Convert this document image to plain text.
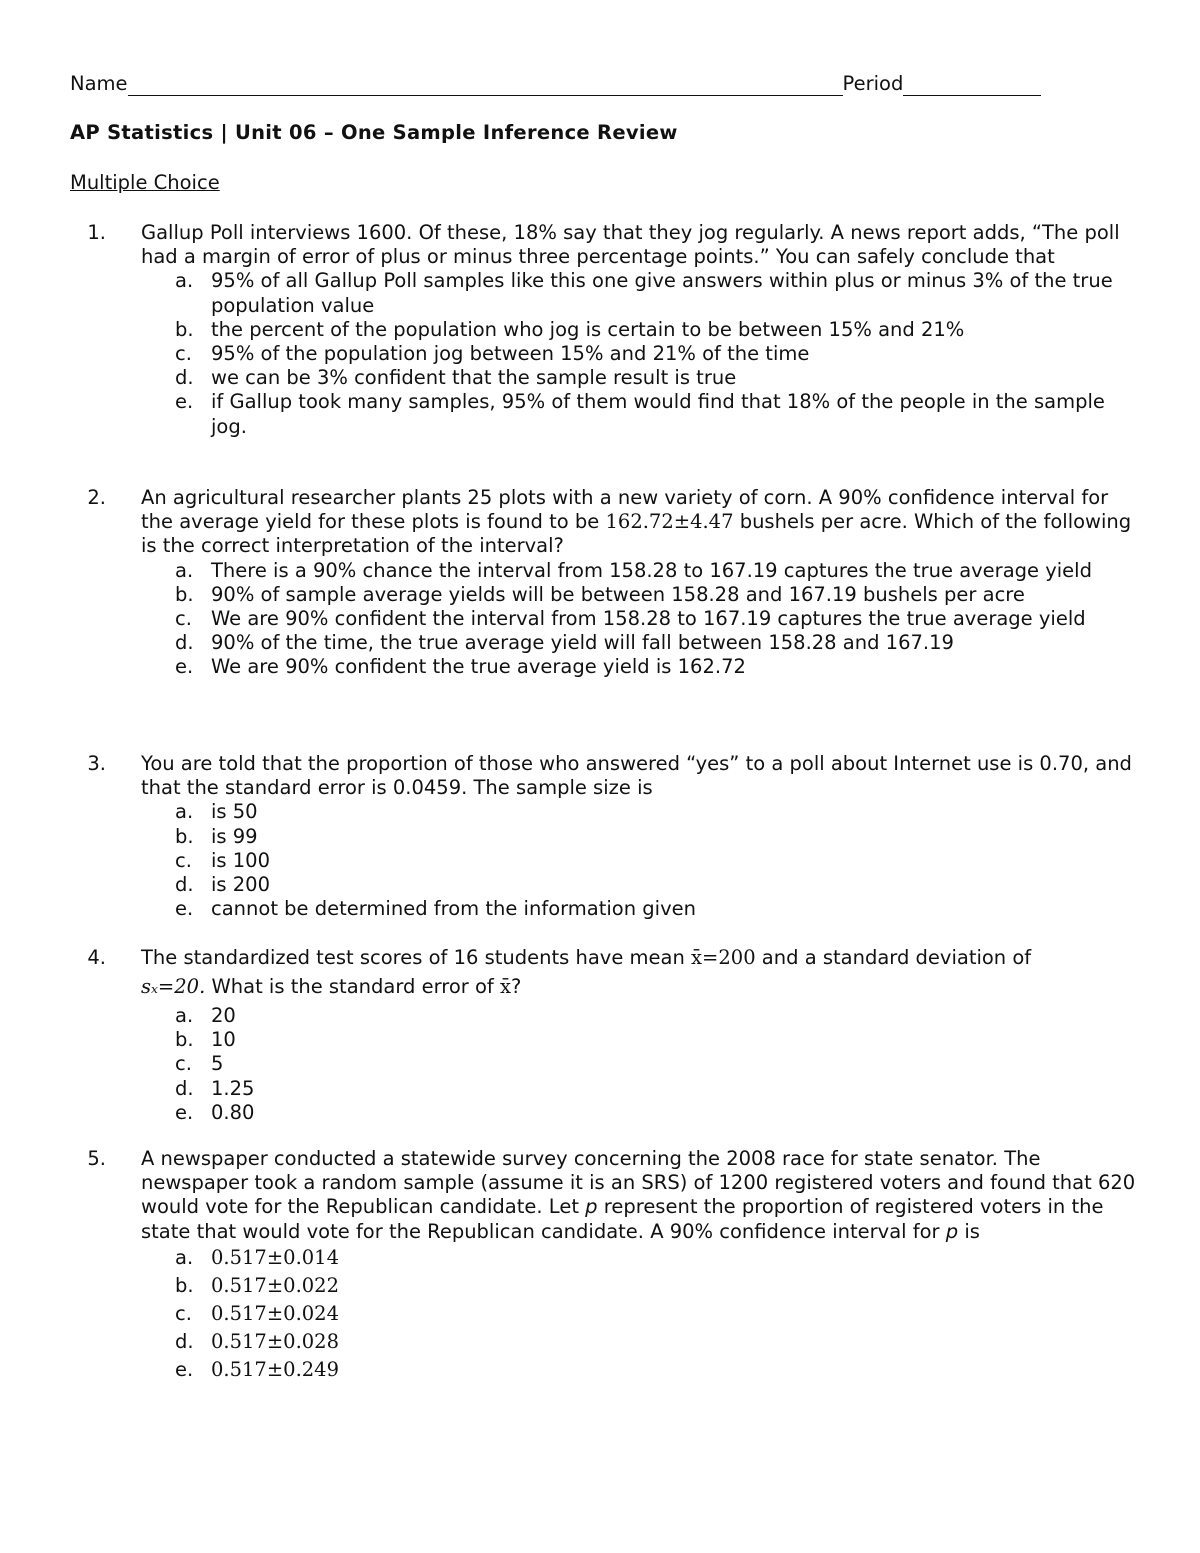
Name	Period
AP Statistics | Unit 06 – One Sample Inference Review
Multiple Choice
1. Gallup Poll interviews 1600. Of these, 18% say that they jog regularly. A news report adds, “The poll had a margin of error of plus or minus three percentage points.” You can safely conclude that
a. 95% of all Gallup Poll samples like this one give answers within plus or minus 3% of the true population value
b. the percent of the population who jog is certain to be between 15% and 21%
c. 95% of the population jog between 15% and 21% of the time
d. we can be 3% confident that the sample result is true
e. if Gallup took many samples, 95% of them would find that 18% of the people in the sample jog.
2. An agricultural researcher plants 25 plots with a new variety of corn. A 90% confidence interval for the average yield for these plots is found to be 162.72±4.47 bushels per acre. Which of the following is the correct interpretation of the interval?
a. There is a 90% chance the interval from 158.28 to 167.19 captures the true average yield
b. 90% of sample average yields will be between 158.28 and 167.19 bushels per acre
c. We are 90% confident the interval from 158.28 to 167.19 captures the true average yield
d. 90% of the time, the true average yield will fall between 158.28 and 167.19
e. We are 90% confident the true average yield is 162.72
3. You are told that the proportion of those who answered “yes” to a poll about Internet use is 0.70, and that the standard error is 0.0459. The sample size is
a. is 50
b. is 99
c. is 100
d. is 200
e. cannot be determined from the information given
4. The standardized test scores of 16 students have mean x̄=200 and a standard deviation of
sₓ=20. What is the standard error of x̄?
a. 20
b. 10
c. 5
d. 1.25
e. 0.80
5. A newspaper conducted a statewide survey concerning the 2008 race for state senator. The newspaper took a random sample (assume it is an SRS) of 1200 registered voters and found that 620 would vote for the Republican candidate. Let p represent the proportion of registered voters in the state that would vote for the Republican candidate. A 90% confidence interval for p is
a. 0.517±0.014
b. 0.517±0.022
c. 0.517±0.024
d. 0.517±0.028
e. 0.517±0.249
